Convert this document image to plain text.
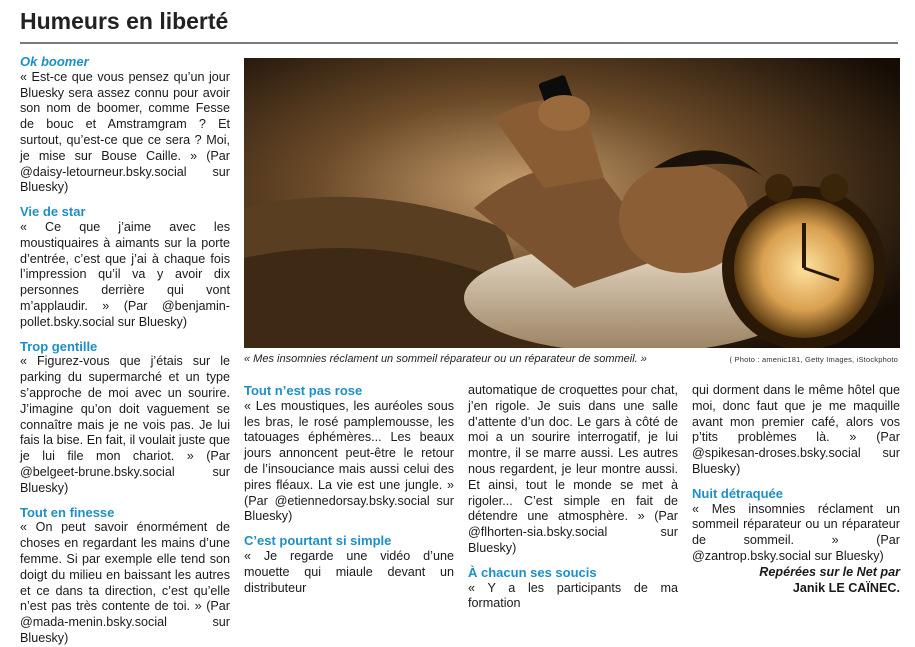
Humeurs en liberté

Ok boomer

« Est-ce que vous pensez qu’un jour Bluesky sera assez connu pour avoir son nom de boomer, comme Fesse de bouc et Amstramgram ? Et surtout, qu’est-ce que ce sera ? Moi, je mise sur Bouse Caille. » (Par @daisy-letourneur.bsky.social sur Bluesky)

Vie de star

« Ce que j’aime avec les moustiquaires à aimants sur la porte d’entrée, c’est que j’ai à chaque fois l’impression qu’il va y avoir dix personnes derrière qui vont m’applaudir. » (Par @benjamin-pollet.bsky.social sur Bluesky)

Trop gentille

« Figurez-vous que j’étais sur le parking du supermarché et un type s’approche de moi avec un sourire. J’imagine qu’on doit vaguement se connaître mais je ne vois pas. Je lui fais la bise. En fait, il voulait juste que je lui file mon chariot. » (Par @belgeet-brune.bsky.social sur Bluesky)

Tout en finesse

« On peut savoir énormément de choses en regardant les mains d’une femme. Si par exemple elle tend son doigt du milieu en baissant les autres et ce dans ta direction, c’est qu’elle n’est pas très contente de toi. » (Par @mada-menin.bsky.social sur Bluesky)

« Mes insomnies réclament un sommeil réparateur ou un réparateur de sommeil. »	( Photo : amenic181, Getty Images, iStockphoto

Tout n’est pas rose

« Les moustiques, les auréoles sous les bras, le rosé pamplemousse, les tatouages éphémères... Les beaux jours annoncent peut-être le retour de l’insouciance mais aussi celui des pires fléaux. La vie est une jungle. » (Par @etiennedorsay.bsky.social sur Bluesky)

C’est pourtant si simple

« Je regarde une vidéo d’une mouette qui miaule devant un distributeur

automatique de croquettes pour chat, j’en rigole. Je suis dans une salle d’attente d’un doc. Le gars à côté de moi a un sourire interrogatif, je lui montre, il se marre aussi. Les autres nous regardent, je leur montre aussi. Et ainsi, tout le monde se met à rigoler... C’est simple en fait de détendre une atmosphère. » (Par @flhorten-sia.bsky.social sur Bluesky)

À chacun ses soucis

« Y a les participants de ma formation

qui dorment dans le même hôtel que moi, donc faut que je me maquille avant mon premier café, alors vos p’tits problèmes là. » (Par @spikesan-droses.bsky.social sur Bluesky)

Nuit détraquée

« Mes insomnies réclament un sommeil réparateur ou un réparateur de sommeil. » (Par @zantrop.bsky.social sur Bluesky)

Repérées sur le Net par

Janik LE CAÏNEC.
